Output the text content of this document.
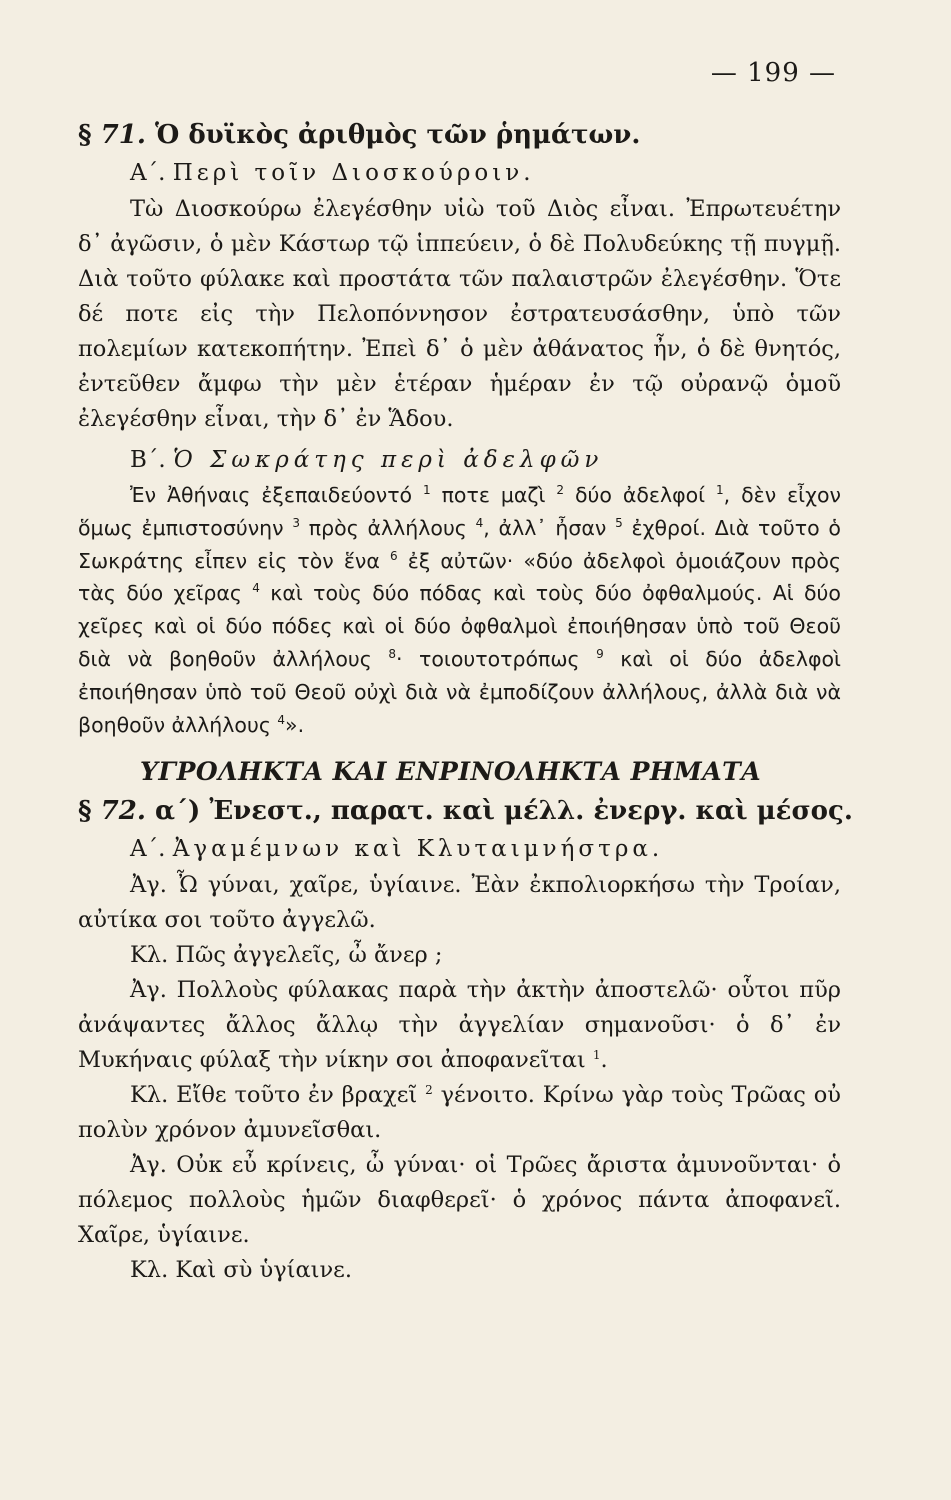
— 199 —
§ 71. Ὁ δυϊκὸς ἀριθμὸς τῶν ῥημάτων.
Α΄. Περὶ τοῖν Διοσκούροιν.

Τὼ Διοσκούρω ἐλεγέσθην υἱὼ τοῦ Διὸς εἶναι. Ἐπρωτευέτην δ᾿ ἀγῶσιν, ὁ μὲν Κάστωρ τῷ ἱππεύειν, ὁ δὲ Πολυδεύκης τῇ πυγμῇ. Διὰ τοῦτο φύλακε καὶ προστάτα τῶν παλαιστρῶν ἐλεγέσθην. Ὅτε δέ ποτε εἰς τὴν Πελοπόννησον ἐστρατευσάσθην, ὑπὸ τῶν πολεμίων κατεκοπήτην. Ἐπεὶ δ᾿ ὁ μὲν ἀθάνατος ἦν, ὁ δὲ θνητός, ἐντεῦθεν ἄμφω τὴν μὲν ἑτέραν ἡμέραν ἐν τῷ οὐρανῷ ὁμοῦ ἐλεγέσθην εἶναι, τὴν δ᾿ ἐν Ἅδου.

Β΄. Ὁ Σωκράτης περὶ ἀδελφῶν

Ἐν Ἀθήναις ἐξεπαιδεύοντό $^1$ ποτε μαζὶ $^2$ δύο ἀδελφοί $^1$, δὲν εἶχον ὅμως ἐμπιστοσύνην $^3$ πρὸς ἀλλήλους $^4$, ἀλλ᾿ ἦσαν $^5$ ἐχθροί. Διὰ τοῦτο ὁ Σωκράτης εἶπεν εἰς τὸν ἕνα $^6$ ἐξ αὐτῶν· «δύο ἀδελφοὶ ὁμοιάζουν πρὸς τὰς δύο χεῖρας $^4$ καὶ τοὺς δύο πόδας καὶ τοὺς δύο ὀφθαλμούς. Αἱ δύο χεῖρες καὶ οἱ δύο πόδες καὶ οἱ δύο ὀφθαλμοὶ ἐποιήθησαν ὑπὸ τοῦ Θεοῦ διὰ νὰ βοηθοῦν ἀλλήλους $^8$· τοιουτοτρόπως $^9$ καὶ οἱ δύο ἀδελφοὶ ἐποιήθησαν ὑπὸ τοῦ Θεοῦ οὐχὶ διὰ νὰ ἐμποδίζουν ἀλλήλους, ἀλλὰ διὰ νὰ βοηθοῦν ἀλλήλους $^4$».

ΥΓΡΟΛΗΚΤΑ ΚΑΙ ΕΝΡΙΝΟΛΗΚΤΑ ΡΗΜΑΤΑ
§ 72. α΄) Ἐνεστ., παρατ. καὶ μέλλ. ἐνεργ. καὶ μέσος.
Α΄. Ἀγαμέμνων καὶ Κλυταιμνήστρα.

Ἀγ. Ὦ γύναι, χαῖρε, ὑγίαινε. Ἐὰν ἐκπολιορκήσω τὴν Τροίαν, αὐτίκα σοι τοῦτο ἀγγελῶ.

Κλ. Πῶς ἀγγελεῖς, ὦ ἄνερ ;

Ἀγ. Πολλοὺς φύλακας παρὰ τὴν ἀκτὴν ἀποστελῶ· οὗτοι πῦρ ἀνάψαντες ἄλλος ἄλλῳ τὴν ἀγγελίαν σημανοῦσι· ὁ δ᾿ ἐν Μυκήναις φύλαξ τὴν νίκην σοι ἀποφανεῖται $^1$.

Κλ. Εἴθε τοῦτο ἐν βραχεῖ $^2$ γένοιτο. Κρίνω γὰρ τοὺς Τρῶας οὐ πολὺν χρόνον ἀμυνεῖσθαι.

Ἀγ. Οὐκ εὖ κρίνεις, ὦ γύναι· οἱ Τρῶες ἄριστα ἀμυνοῦνται· ὁ πόλεμος πολλοὺς ἡμῶν διαφθερεῖ· ὁ χρόνος πάντα ἀποφανεῖ. Χαῖρε, ὑγίαινε.

Κλ. Καὶ σὺ ὑγίαινε.
